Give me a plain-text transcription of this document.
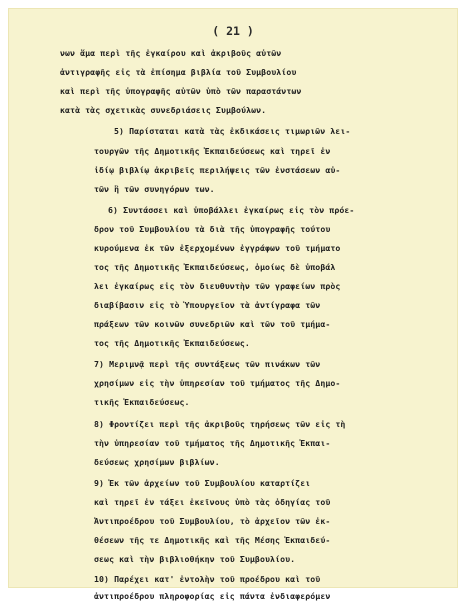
( 21 )
νων ἅμα περὶ τῆς ἐγκαίρου καὶ ἀκριβοῦς αὐτῶν
ἀντιγραφῆς εἰς τὰ ἐπίσημα βιβλία τοῦ Συμβουλίου
καὶ περὶ τῆς ὑπογραφῆς αὐτῶν ὑπὸ τῶν παραστάντων
κατὰ τὰς σχετικὰς συνεδριάσεις Συμβούλων.
5) Παρίσταται κατὰ τὰς ἐκδικάσεις τιμωριῶν λει-
τουργῶν τῆς Δημοτικῆς Ἐκπαιδεύσεως καὶ τηρεῖ ἐν
ἰδίῳ βιβλίῳ ἀκριβεῖς περιλήψεις τῶν ἐνστάσεων αὐ-
τῶν ἢ τῶν συνηγόρων των.
6) Συντάσσει καὶ ὑποβάλλει ἐγκαίρως εἰς τὸν πρόε-
δρον τοῦ Συμβουλίου τὰ διὰ τῆς ὑπογραφῆς τούτου
κυρούμενα ἐκ τῶν ἐξερχομένων ἐγγράφων τοῦ τμήματο
τος τῆς Δημοτικῆς Ἐκπαιδεύσεως, ὁμοίως δὲ ὑποβάλ
λει ἐγκαίρως εἰς τὸν διευθυντὴν τῶν γραφείων πρὸς
διαβίβασιν εἰς τὸ Ὑπουργεῖον τὰ ἀντίγραφα τῶν
πράξεων τῶν κοινῶν συνεδριῶν καὶ τῶν τοῦ τμήμα-
τος τῆς Δημοτικῆς Ἐκπαιδεύσεως.
7) Μεριμνᾷ περὶ τῆς συντάξεως τῶν πινάκων τῶν
χρησίμων εἰς τὴν ὑπηρεσίαν τοῦ τμήματος τῆς Δημο-
τικῆς Ἐκπαιδεύσεως.
8) Φροντίζει περὶ τῆς ἀκριβοῦς τηρήσεως τῶν εἰς τὴ
τὴν ὑπηρεσίαν τοῦ τμήματος τῆς Δημοτικῆς Ἐκπαι-
δεύσεως χρησίμων βιβλίων.
9) Ἐκ τῶν ἀρχείων τοῦ Συμβουλίου καταρτίζει
καὶ τηρεῖ ἐν τάξει ἐκεῖνους ὑπὸ τὰς ὁδηγίας τοῦ
Ἀντιπροέδρου τοῦ Συμβουλίου, τὸ ἀρχεῖον τῶν ἐκ-
θέσεων τῆς τε Δημοτικῆς καὶ τῆς Μέσης Ἐκπαιδεύ-
σεως καὶ τὴν βιβλιοθήκην τοῦ Συμβουλίου.
10) Παρέχει κατ' ἐντολὴν τοῦ προέδρου καὶ τοῦ
ἀντιπροέδρου πληροφορίας εἰς πάντα ἐνδιαφερόμεν
